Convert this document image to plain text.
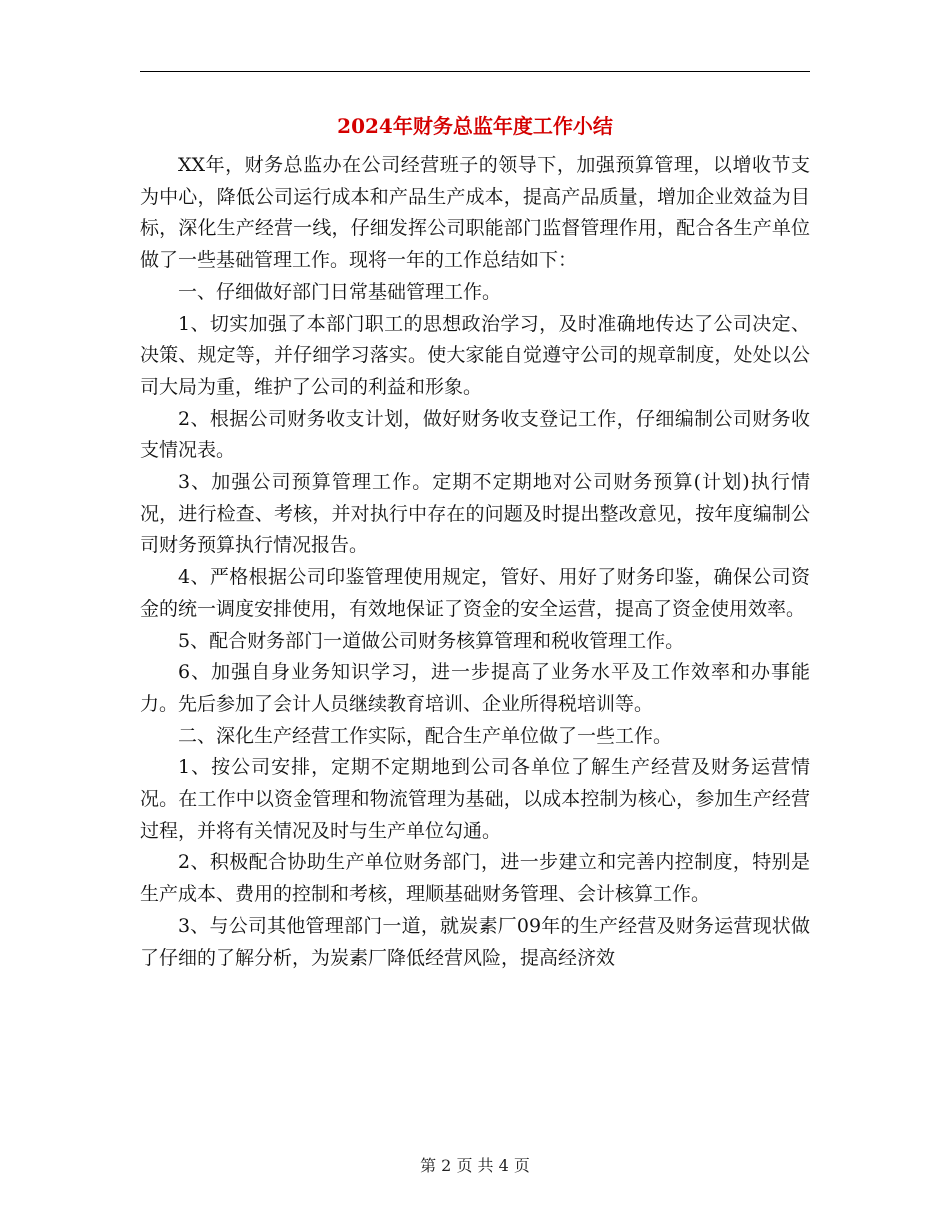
2024年财务总监年度工作小结

XX年，财务总监办在公司经营班子的领导下，加强预算管理，以增收节支为中心，降低公司运行成本和产品生产成本，提高产品质量，增加企业效益为目标，深化生产经营一线，仔细发挥公司职能部门监督管理作用，配合各生产单位做了一些基础管理工作。现将一年的工作总结如下：

一、仔细做好部门日常基础管理工作。

1、切实加强了本部门职工的思想政治学习，及时准确地传达了公司决定、决策、规定等，并仔细学习落实。使大家能自觉遵守公司的规章制度，处处以公司大局为重，维护了公司的利益和形象。

2、根据公司财务收支计划，做好财务收支登记工作，仔细编制公司财务收支情况表。

3、加强公司预算管理工作。定期不定期地对公司财务预算(计划)执行情况，进行检查、考核，并对执行中存在的问题及时提出整改意见，按年度编制公司财务预算执行情况报告。

4、严格根据公司印鉴管理使用规定，管好、用好了财务印鉴，确保公司资金的统一调度安排使用，有效地保证了资金的安全运营，提高了资金使用效率。

5、配合财务部门一道做公司财务核算管理和税收管理工作。

6、加强自身业务知识学习，进一步提高了业务水平及工作效率和办事能力。先后参加了会计人员继续教育培训、企业所得税培训等。

二、深化生产经营工作实际，配合生产单位做了一些工作。

1、按公司安排，定期不定期地到公司各单位了解生产经营及财务运营情况。在工作中以资金管理和物流管理为基础，以成本控制为核心，参加生产经营过程，并将有关情况及时与生产单位勾通。

2、积极配合协助生产单位财务部门，进一步建立和完善内控制度，特别是生产成本、费用的控制和考核，理顺基础财务管理、会计核算工作。

3、与公司其他管理部门一道，就炭素厂09年的生产经营及财务运营现状做了仔细的了解分析，为炭素厂降低经营风险，提高经济效

第 2 页 共 4 页
